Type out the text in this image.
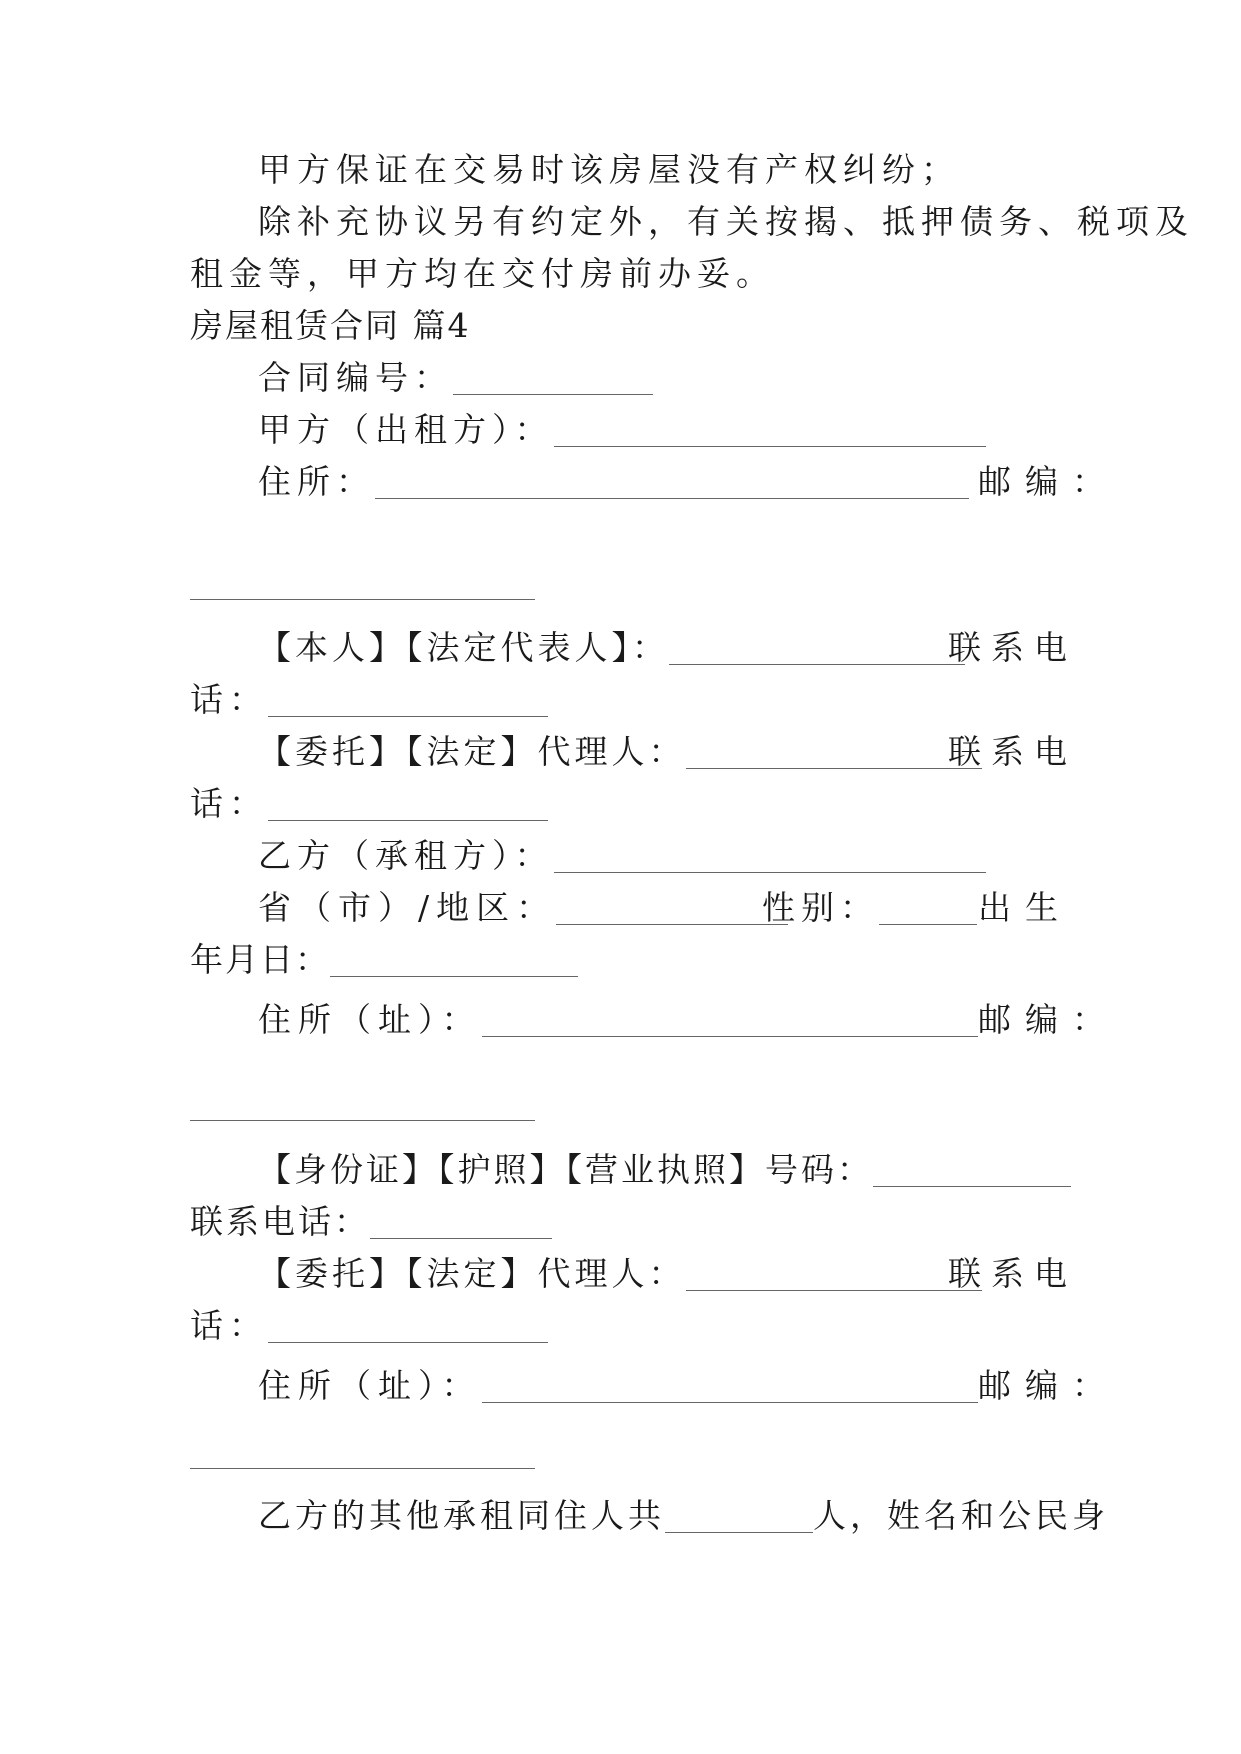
甲方保证在交易时该房屋没有产权纠纷；
除补充协议另有约定外，有关按揭、抵押债务、税项及
租金等，甲方均在交付房前办妥。
房屋租赁合同 篇4
合同编号：
甲方（出租方）：
住所：	邮编：
【本人】【法定代表人】：	联系电
话：
【委托】【法定】代理人：	联系电
话：
乙方（承租方）：
省（市）/地区：	性别：	出生
年月日：
住所（址）：	邮编：
【身份证】【护照】【营业执照】号码：
联系电话：
【委托】【法定】代理人：	联系电
话：
住所（址）：	邮编：
乙方的其他承租同住人共	人，姓名和公民身
